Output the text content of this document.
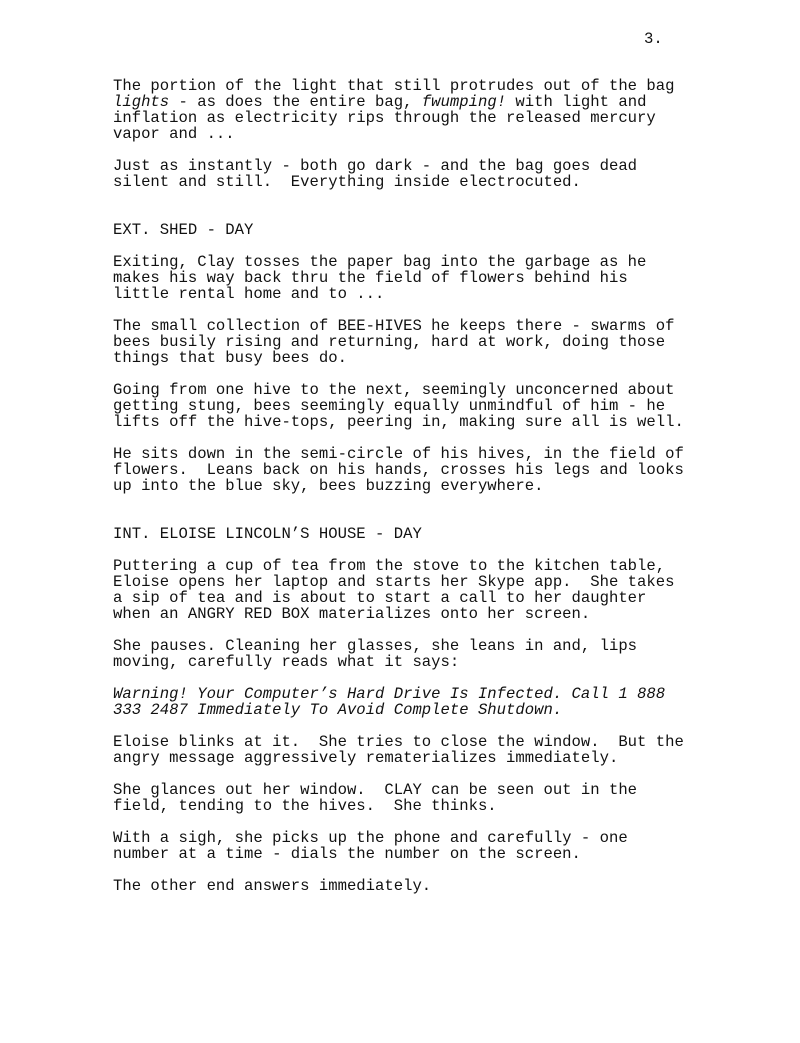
3.
The portion of the light that still protrudes out of the bag
lights - as does the entire bag, fwumping! with light and
inflation as electricity rips through the released mercury
vapor and ...
Just as instantly - both go dark - and the bag goes dead
silent and still.  Everything inside electrocuted.
EXT. SHED - DAY
Exiting, Clay tosses the paper bag into the garbage as he
makes his way back thru the field of flowers behind his
little rental home and to ...
The small collection of BEE-HIVES he keeps there - swarms of
bees busily rising and returning, hard at work, doing those
things that busy bees do.
Going from one hive to the next, seemingly unconcerned about
getting stung, bees seemingly equally unmindful of him - he
lifts off the hive-tops, peering in, making sure all is well.
He sits down in the semi-circle of his hives, in the field of
flowers.  Leans back on his hands, crosses his legs and looks
up into the blue sky, bees buzzing everywhere.
INT. ELOISE LINCOLN’S HOUSE - DAY
Puttering a cup of tea from the stove to the kitchen table,
Eloise opens her laptop and starts her Skype app.  She takes
a sip of tea and is about to start a call to her daughter
when an ANGRY RED BOX materializes onto her screen.
She pauses. Cleaning her glasses, she leans in and, lips
moving, carefully reads what it says:
Warning! Your Computer’s Hard Drive Is Infected. Call 1 888
333 2487 Immediately To Avoid Complete Shutdown.
Eloise blinks at it.  She tries to close the window.  But the
angry message aggressively rematerializes immediately.
She glances out her window.  CLAY can be seen out in the
field, tending to the hives.  She thinks.
With a sigh, she picks up the phone and carefully - one
number at a time - dials the number on the screen.
The other end answers immediately.
